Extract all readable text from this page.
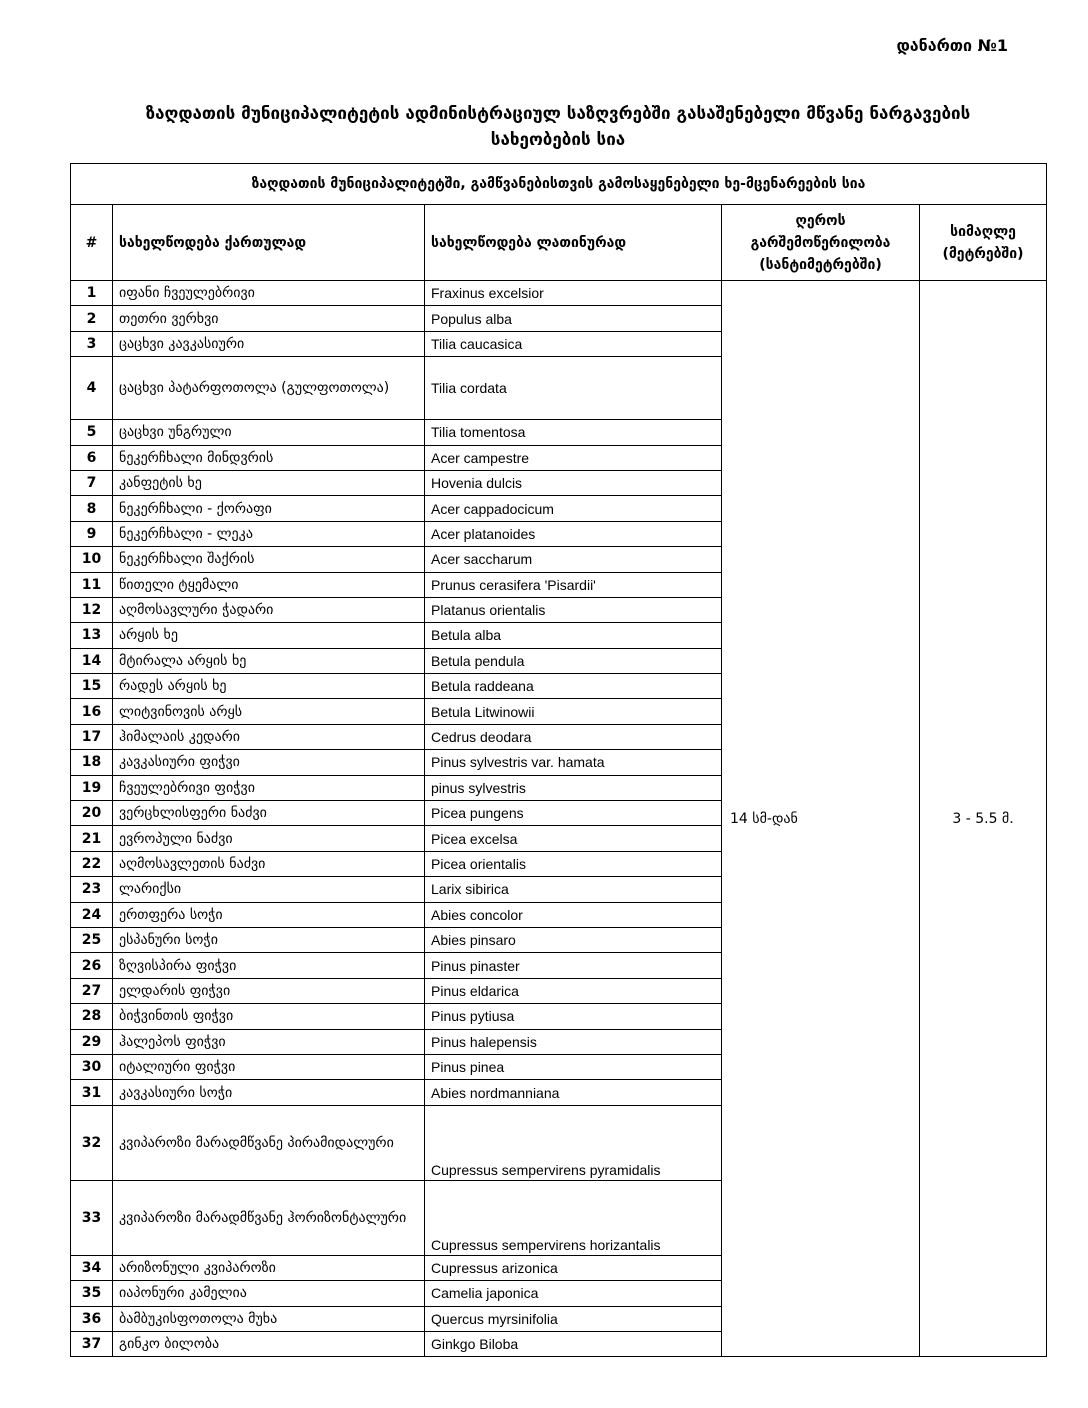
დანართი №1
ზაღდათის მუნიციპალიტეტის ადმინისტრაციულ საზღვრებში გასაშენებელი მწვანე ნარგავების
სახეობების სია
ზაღდათის მუნიციპალიტეტში, გამწვანებისთვის გამოსაყენებელი ხე-მცენარეების სია				
#	სახელწოდება ქართულად	სახელწოდება ლათინურად	ღეროს გარშემოწერილობა (სანტიმეტრებში)	სიმაღლე (მეტრებში)
1	იფანი ჩვეულებრივი	Fraxinus excelsior	14 სმ-დან	3 - 5.5 მ.
2	თეთრი ვერხვი	Populus alba		
3	ცაცხვი კავკასიური	Tilia caucasica		
4	ცაცხვი პატარფოთოლა (გულფოთოლა)	Tilia cordata		
5	ცაცხვი უნგრული	Tilia tomentosa		
6	ნეკერჩხალი მინდვრის	Acer campestre		
7	კანფეტის ხე	Hovenia dulcis		
8	ნეკერჩხალი - ქორაფი	Acer cappadocicum		
9	ნეკერჩხალი - ლეკა	Acer platanoides		
10	ნეკერჩხალი შაქრის	Acer saccharum		
11	წითელი ტყემალი	Prunus cerasifera 'Pisardii'		
12	აღმოსავლური ჭადარი	Platanus orientalis		
13	არყის ხე	Betula alba		
14	მტირალა არყის ხე	Betula pendula		
15	რადეს არყის ხე	Betula raddeana		
16	ლიტვინოვის არყს	Betula Litwinowii		
17	ჰიმალაის კედარი	Cedrus deodara		
18	კავკასიური ფიჭვი	Pinus sylvestris var. hamata		
19	ჩვეულებრივი ფიჭვი	pinus sylvestris		
20	ვერცხლისფერი ნაძვი	Picea pungens		
21	ევროპული ნაძვი	Picea excelsa		
22	აღმოსავლეთის ნაძვი	Picea orientalis		
23	ლარიქსი	Larix sibirica		
24	ერთფერა სოჭი	Abies concolor		
25	ესპანური სოჭი	Abies pinsaro		
26	ზღვისპირა ფიჭვი	Pinus pinaster		
27	ელდარის ფიჭვი	Pinus eldarica		
28	ბიჭვინთის ფიჭვი	Pinus pytiusa		
29	ჰალეპოს ფიჭვი	Pinus halepensis		
30	იტალიური ფიჭვი	Pinus pinea		
31	კავკასიური სოჭი	Abies nordmanniana		
32	კვიპაროზი მარადმწვანე პირამიდალური	Cupressus sempervirens pyramidalis		
33	კვიპაროზი მარადმწვანე ჰორიზონტალური	Cupressus sempervirens horizantalis		
34	არიზონული კვიპაროზი	Cupressus arizonica		
35	იაპონური კამელია	Camelia japonica		
36	ბამბუკისფოთოლა მუხა	Quercus myrsinifolia		
37	გინკო ბილობა	Ginkgo Biloba		
